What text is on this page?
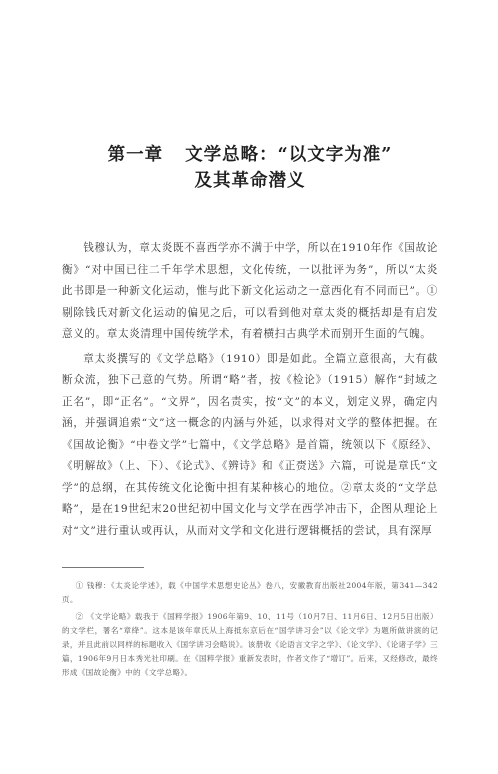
第一章 文学总略：“以文字为准”
及其革命潜义

钱穆认为，章太炎既不喜西学亦不满于中学，所以在1910年作《国故论衡》“对中国已往二千年学术思想，文化传统，一以批评为务”，所以“太炎此书即是一种新文化运动，惟与此下新文化运动之一意西化有不同而已”。①剔除钱氏对新文化运动的偏见之后，可以看到他对章太炎的概括却是有启发意义的。章太炎清理中国传统学术，有着横扫古典学术而别开生面的气魄。

章太炎撰写的《文学总略》（1910）即是如此。全篇立意很高，大有截断众流，独下己意的气势。所谓“略”者，按《检论》（1915）解作“封域之正名”，即“正名”。“文界”，因名责实，按“文”的本义，划定义界，确定内涵，并强调追索“文”这一概念的内涵与外延，以求得对文学的整体把握。在《国故论衡》“中卷文学”七篇中，《文学总略》是首篇，统领以下《原经》、《明解故》（上、下）、《论式》、《辨诗》和《正赍送》六篇，可说是章氏“文学”的总纲，在其传统文化论衡中担有某种核心的地位。②章太炎的“文学总略”，是在19世纪末20世纪初中国文化与文学在西学冲击下，企图从理论上对“文”进行重认或再认，从而对文学和文化进行逻辑概括的尝试，具有深厚

① 钱穆：《太炎论学述》，载《中国学术思想史论丛》卷八，安徽教育出版社2004年版，第341—342页。

② 《文学论略》载我于《国粹学报》1906年第9、10、11号（10月7日、11月6日、12月5日出版）的文学栏，署名“章绛”。这本是该年章氏从上海抵东京后在“国学讲习会”以《论文学》为题所做讲演的记录，并且此前以同样的标题收入《国学讲习会略说》。该册收《论语言文字之学》、《论文学》、《论诸子学》三篇，1906年9月日本秀光社印刷。在《国粹学报》重新发表时，作者文作了“增订”。后来，又经修改，最终形成《国故论衡》中的《文学总略》。
